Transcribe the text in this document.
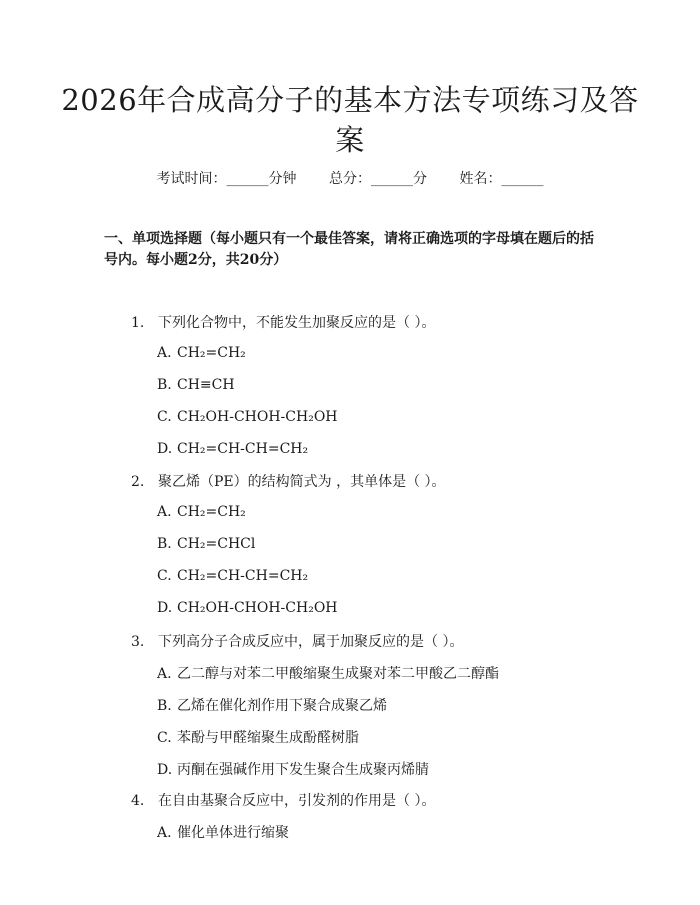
2026年合成高分子的基本方法专项练习及答案
考试时间：______分钟 总分：______分 姓名：______
一、单项选择题（每小题只有一个最佳答案，请将正确选项的字母填在题后的括号内。每小题2分，共20分）
1. 下列化合物中，不能发生加聚反应的是（ ）。
A. CH₂=CH₂
B. CH≡CH
C. CH₂OH-CHOH-CH₂OH
D. CH₂=CH-CH=CH₂
2. 聚乙烯（PE）的结构简式为 ，其单体是（ ）。
A. CH₂=CH₂
B. CH₂=CHCl
C. CH₂=CH-CH=CH₂
D. CH₂OH-CHOH-CH₂OH
3. 下列高分子合成反应中，属于加聚反应的是（ ）。
A. 乙二醇与对苯二甲酸缩聚生成聚对苯二甲酸乙二醇酯
B. 乙烯在催化剂作用下聚合成聚乙烯
C. 苯酚与甲醛缩聚生成酚醛树脂
D. 丙酮在强碱作用下发生聚合生成聚丙烯腈
4. 在自由基聚合反应中，引发剂的作用是（ ）。
A. 催化单体进行缩聚
